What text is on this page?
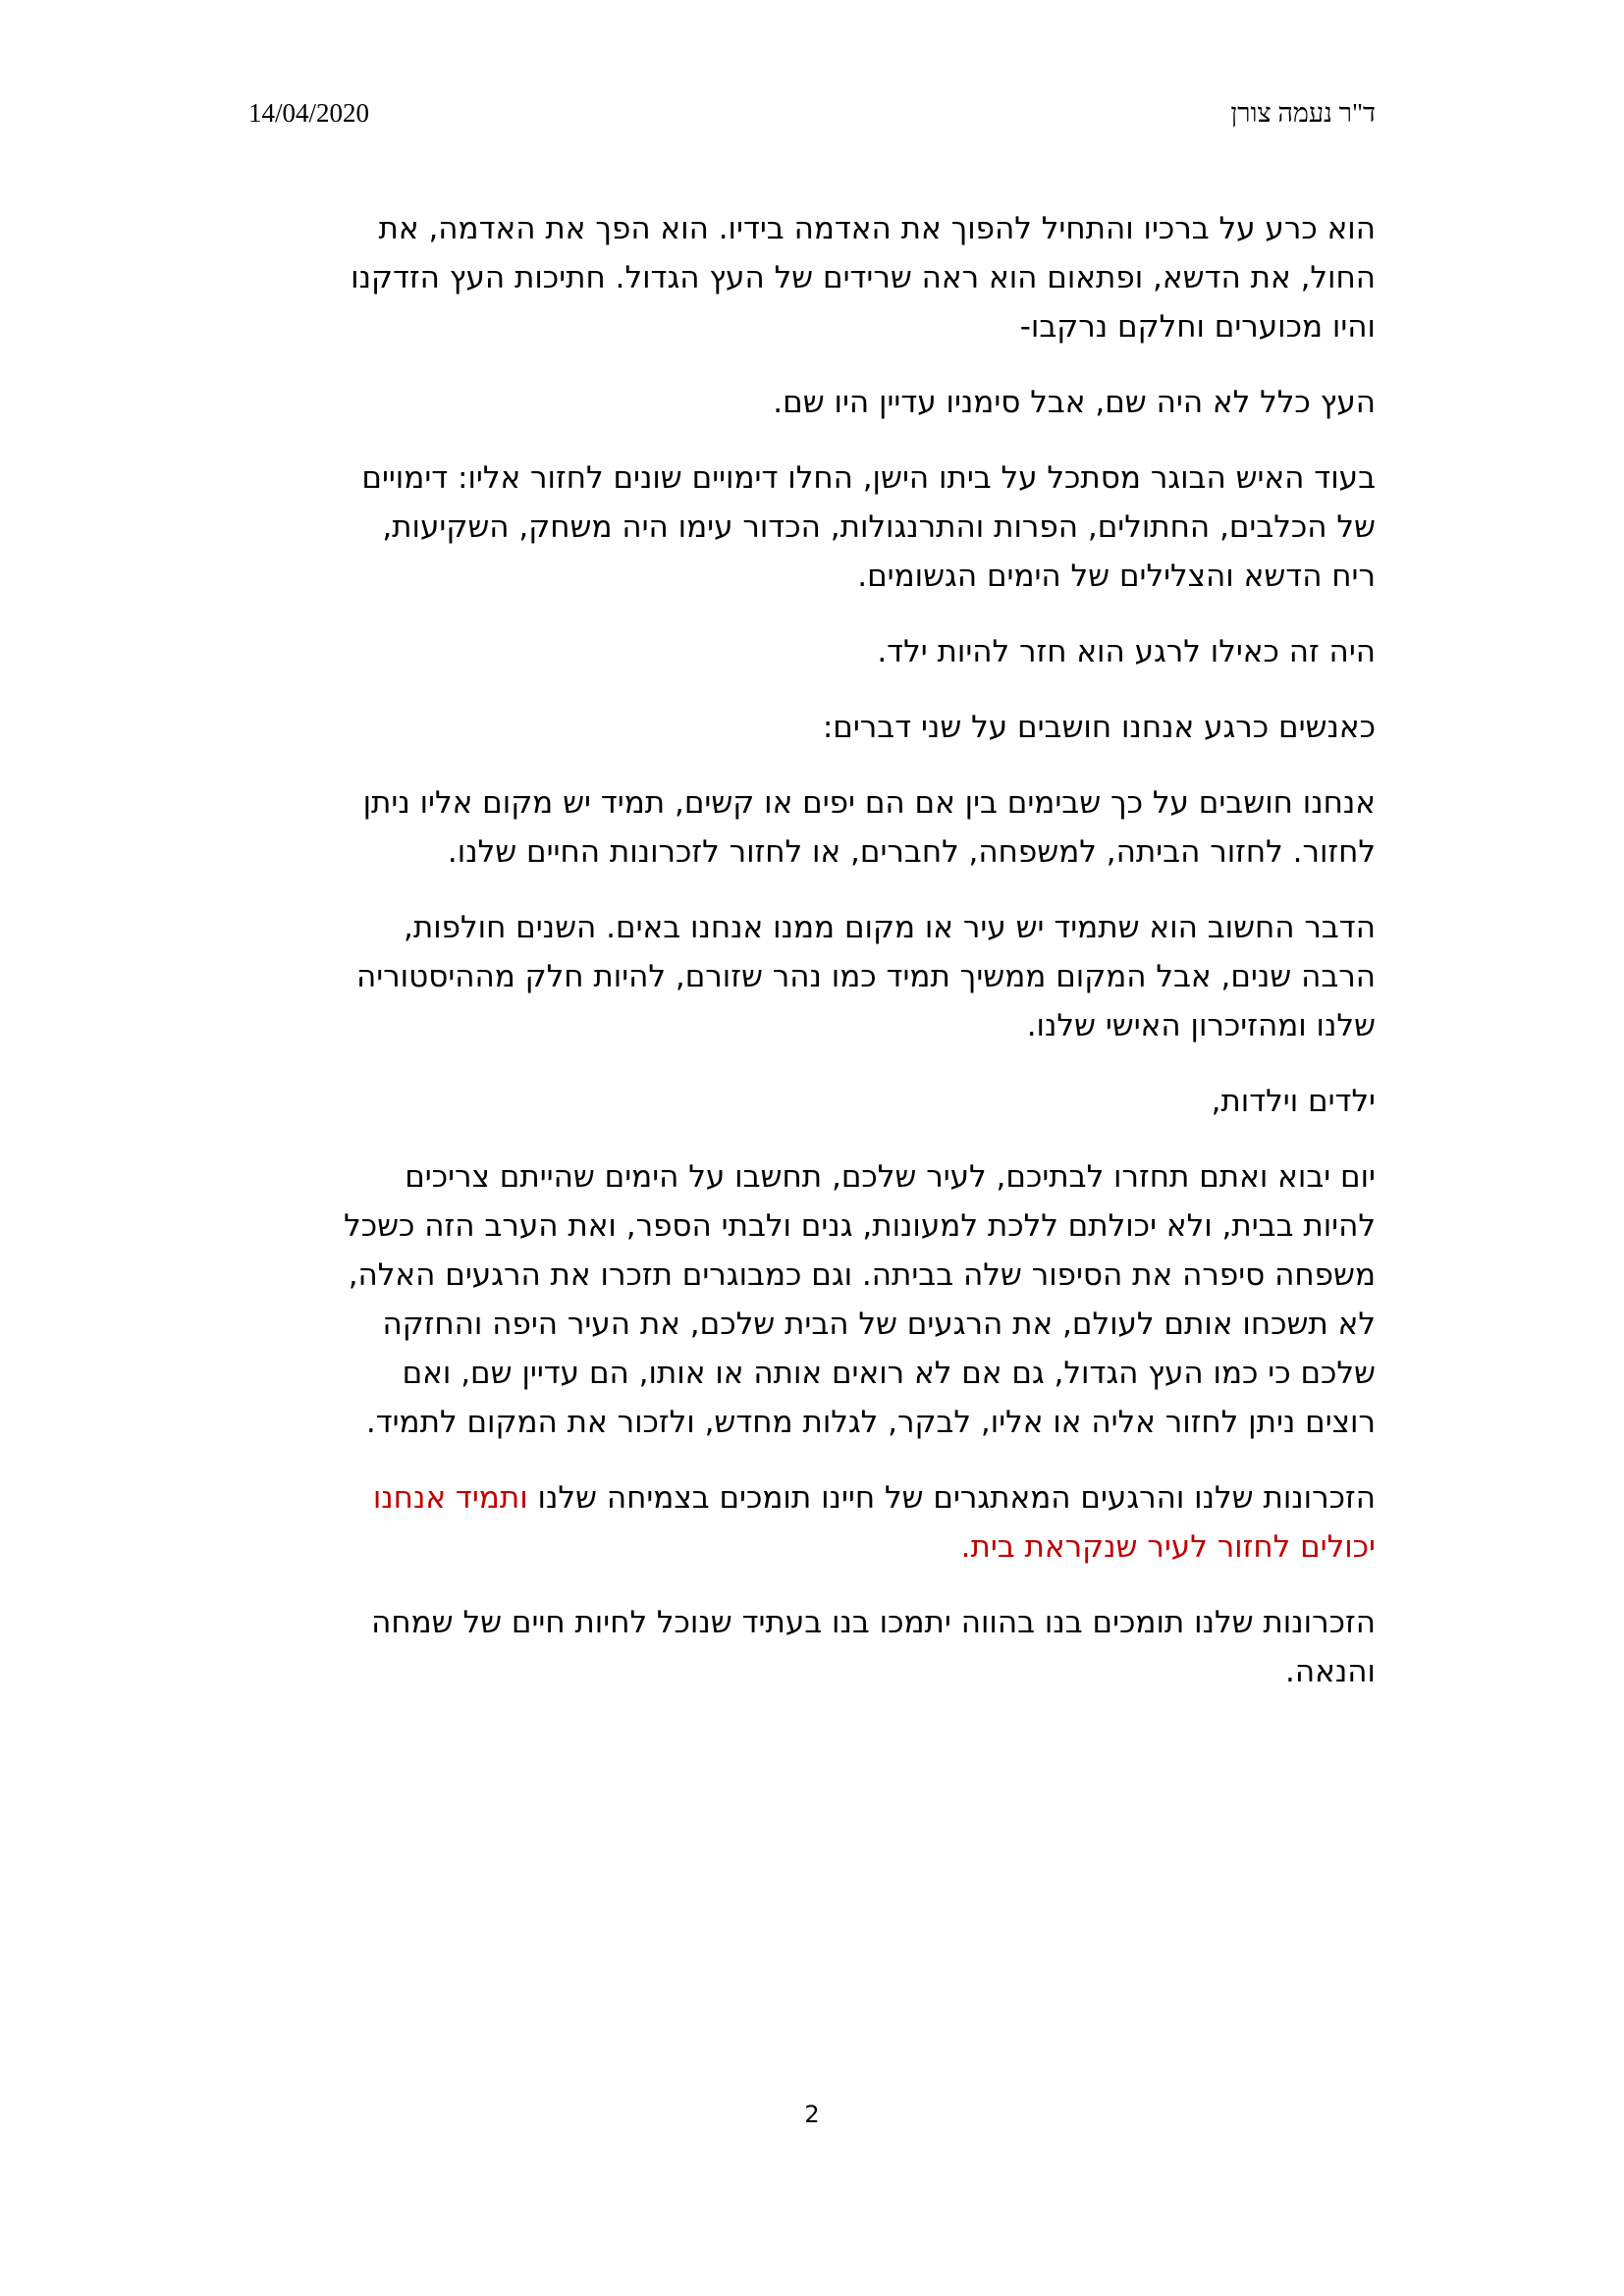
14/04/2020	ד"ר נעמה צורן
הוא כרע על ברכיו והתחיל להפוך את האדמה בידיו. הוא הפך את האדמה, את
החול, את הדשא, ופתאום הוא ראה שרידים של העץ הגדול. חתיכות העץ הזדקנו
והיו מכוערים וחלקם נרקבו-
העץ כלל לא היה שם, אבל סימניו עדיין היו שם.
בעוד האיש הבוגר מסתכל על ביתו הישן, החלו דימויים שונים לחזור אליו: דימויים
של הכלבים, החתולים, הפרות והתרנגולות, הכדור עימו היה משחק, השקיעות,
ריח הדשא והצלילים של הימים הגשומים.
היה זה כאילו לרגע הוא חזר להיות ילד.
כאנשים כרגע אנחנו חושבים על שני דברים:
אנחנו חושבים על כך שבימים בין אם הם יפים או קשים, תמיד יש מקום אליו ניתן
לחזור. לחזור הביתה, למשפחה, לחברים, או לחזור לזכרונות החיים שלנו.
הדבר החשוב הוא שתמיד יש עיר או מקום ממנו אנחנו באים. השנים חולפות,
הרבה שנים, אבל המקום ממשיך תמיד כמו נהר שזורם, להיות חלק מההיסטוריה
שלנו ומהזיכרון האישי שלנו.
ילדים וילדות,
יום יבוא ואתם תחזרו לבתיכם, לעיר שלכם, תחשבו על הימים שהייתם צריכים
להיות בבית, ולא יכולתם ללכת למעונות, גנים ולבתי הספר, ואת הערב הזה כשכל
משפחה סיפרה את הסיפור שלה בביתה. וגם כמבוגרים תזכרו את הרגעים האלה,
לא תשכחו אותם לעולם, את הרגעים של הבית שלכם, את העיר היפה והחזקה
שלכם כי כמו העץ הגדול, גם אם לא רואים אותה או אותו, הם עדיין שם, ואם
רוצים ניתן לחזור אליה או אליו, לבקר, לגלות מחדש, ולזכור את המקום לתמיד.
הזכרונות שלנו והרגעים המאתגרים של חיינו תומכים בצמיחה שלנו ותמיד אנחנו
יכולים לחזור לעיר שנקראת בית.
הזכרונות שלנו תומכים בנו בהווה יתמכו בנו בעתיד שנוכל לחיות חיים של שמחה
והנאה.
2
